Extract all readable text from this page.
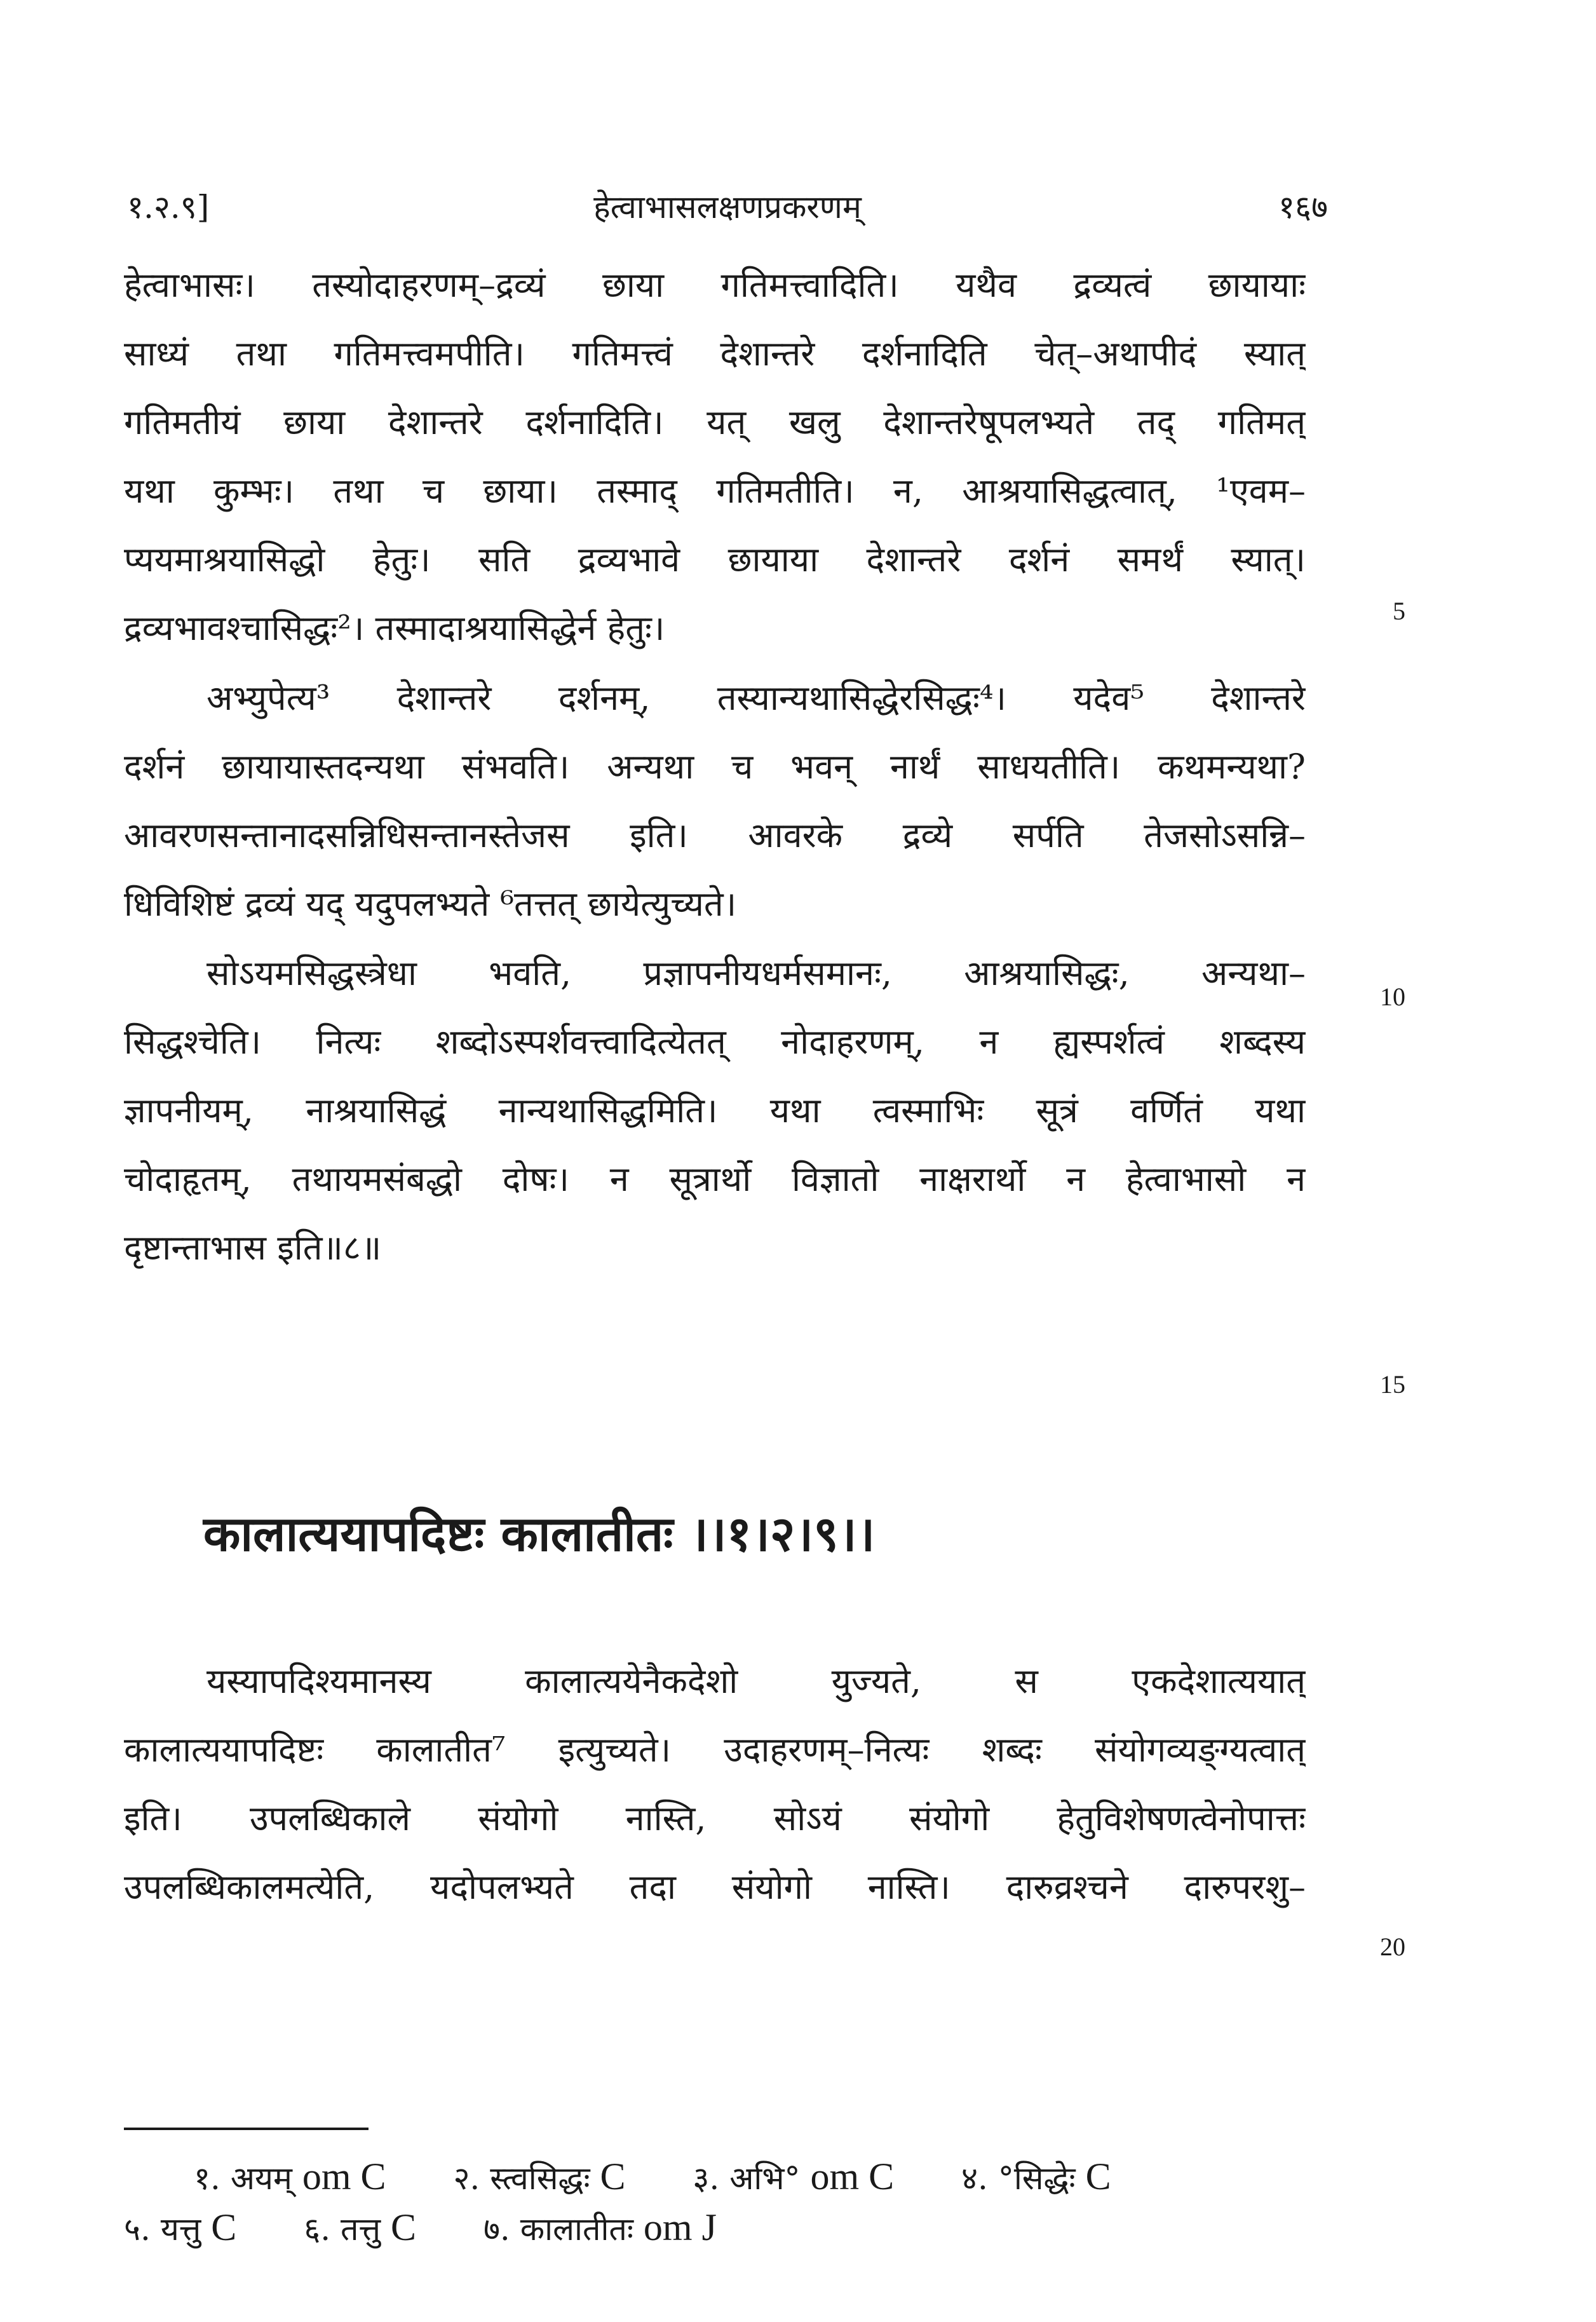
१.२.९]	हेत्वाभासलक्षणप्रकरणम्	१६७
हेत्वाभासः। तस्योदाहरणम्–द्रव्यं छाया गतिमत्त्वादिति। यथैव द्रव्यत्वं छायायाः
साध्यं तथा गतिमत्त्वमपीति। गतिमत्त्वं देशान्तरे दर्शनादिति चेत्–अथापीदं स्यात्
गतिमतीयं छाया देशान्तरे दर्शनादिति। यत् खलु देशान्तरेषूपलभ्यते तद् गतिमत्
यथा कुम्भः। तथा च छाया। तस्माद् गतिमतीति। न, आश्रयासिद्धत्वात्, ¹एवम–
प्ययमाश्रयासिद्धो हेतुः। सति द्रव्यभावे छायाया देशान्तरे दर्शनं समर्थं स्यात्।
द्रव्यभावश्चासिद्धः²। तस्मादाश्रयासिद्धेर्न हेतुः।
अभ्युपेत्य³ देशान्तरे दर्शनम्, तस्यान्यथासिद्धेरसिद्धः⁴। यदेव⁵ देशान्तरे
दर्शनं छायायास्तदन्यथा संभवति। अन्यथा च भवन् नार्थं साधयतीति। कथमन्यथा?
आवरणसन्तानादसन्निधिसन्तानस्तेजस इति। आवरके द्रव्ये सर्पति तेजसोऽसन्नि–
धिविशिष्टं द्रव्यं यद् यदुपलभ्यते ⁶तत्तत् छायेत्युच्यते।
सोऽयमसिद्धस्त्रेधा भवति, प्रज्ञापनीयधर्मसमानः, आश्रयासिद्धः, अन्यथा–
सिद्धश्चेति। नित्यः शब्दोऽस्पर्शवत्त्वादित्येतत् नोदाहरणम्, न ह्यस्पर्शत्वं शब्दस्य
ज्ञापनीयम्, नाश्रयासिद्धं नान्यथासिद्धमिति। यथा त्वस्माभिः सूत्रं वर्णितं यथा
चोदाहृतम्, तथायमसंबद्धो दोषः। न सूत्रार्थो विज्ञातो नाक्षरार्थो न हेत्वाभासो न
दृष्टान्ताभास इति॥८॥
कालात्ययापदिष्टः कालातीतः ।।१।२।९।।
यस्यापदिश्यमानस्य कालात्ययेनैकदेशो युज्यते, स एकदेशात्ययात्
कालात्ययापदिष्टः कालातीत⁷ इत्युच्यते। उदाहरणम्–नित्यः शब्दः संयोगव्यङ्ग्यत्वात्
इति। उपलब्धिकाले संयोगो नास्ति, सोऽयं संयोगो हेतुविशेषणत्वेनोपात्तः
उपलब्धिकालमत्येति, यदोपलभ्यते तदा संयोगो नास्ति। दारुव्रश्चने दारुपरशु–
5
10
15
20
१. अयम् om C २. स्त्वसिद्धः C ३. अभि° om C ४. °सिद्धेः C
५. यत्तु C ६. तत्तु C ७. कालातीतः om J
